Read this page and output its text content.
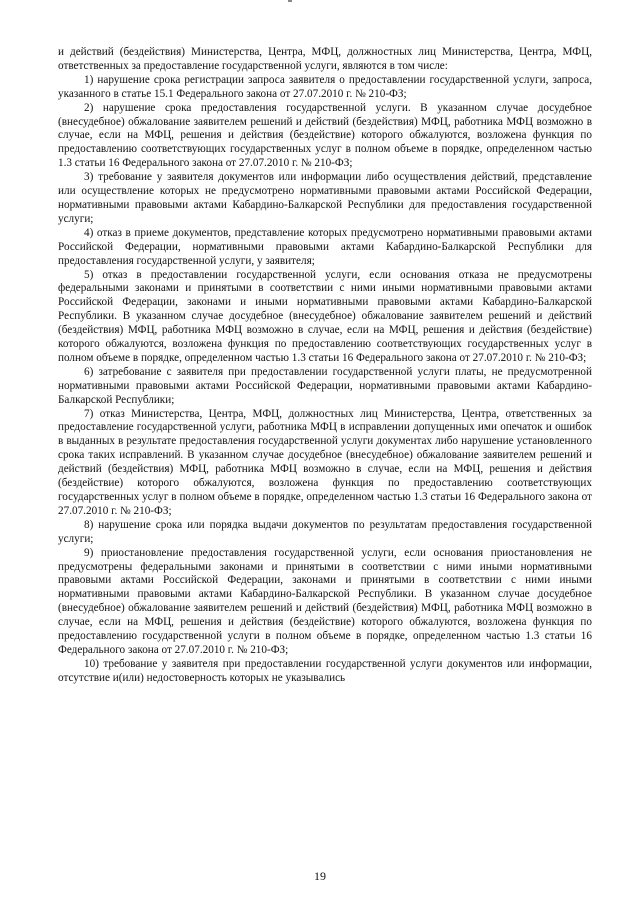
и действий (бездействия) Министерства, Центра, МФЦ, должностных лиц Министерства, Центра, МФЦ, ответственных за предоставление государственной услуги, являются в том числе:

1) нарушение срока регистрации запроса заявителя о предоставлении государственной услуги, запроса, указанного в статье 15.1 Федерального закона от 27.07.2010 г. № 210-ФЗ;

2) нарушение срока предоставления государственной услуги. В указанном случае досудебное (внесудебное) обжалование заявителем решений и действий (бездействия) МФЦ, работника МФЦ возможно в случае, если на МФЦ, решения и действия (бездействие) которого обжалуются, возложена функция по предоставлению соответствующих государственных услуг в полном объеме в порядке, определенном частью 1.3 статьи 16 Федерального закона от 27.07.2010 г. № 210-ФЗ;

3) требование у заявителя документов или информации либо осуществления действий, представление или осуществление которых не предусмотрено нормативными правовыми актами Российской Федерации, нормативными правовыми актами Кабардино-Балкарской Республики для предоставления государственной услуги;

4) отказ в приеме документов, представление которых предусмотрено нормативными правовыми актами Российской Федерации, нормативными правовыми актами Кабардино-Балкарской Республики для предоставления государственной услуги, у заявителя;

5) отказ в предоставлении государственной услуги, если основания отказа не предусмотрены федеральными законами и принятыми в соответствии с ними иными нормативными правовыми актами Российской Федерации, законами и иными нормативными правовыми актами Кабардино-Балкарской Республики. В указанном случае досудебное (внесудебное) обжалование заявителем решений и действий (бездействия) МФЦ, работника МФЦ возможно в случае, если на МФЦ, решения и действия (бездействие) которого обжалуются, возложена функция по предоставлению соответствующих государственных услуг в полном объеме в порядке, определенном частью 1.3 статьи 16 Федерального закона от 27.07.2010 г. № 210-ФЗ;

6) затребование с заявителя при предоставлении государственной услуги платы, не предусмотренной нормативными правовыми актами Российской Федерации, нормативными правовыми актами Кабардино-Балкарской Республики;

7) отказ Министерства, Центра, МФЦ, должностных лиц Министерства, Центра, ответственных за предоставление государственной услуги, работника МФЦ в исправлении допущенных ими опечаток и ошибок в выданных в результате предоставления государственной услуги документах либо нарушение установленного срока таких исправлений. В указанном случае досудебное (внесудебное) обжалование заявителем решений и действий (бездействия) МФЦ, работника МФЦ возможно в случае, если на МФЦ, решения и действия (бездействие) которого обжалуются, возложена функция по предоставлению соответствующих государственных услуг в полном объеме в порядке, определенном частью 1.3 статьи 16 Федерального закона от 27.07.2010 г. № 210-ФЗ;

8) нарушение срока или порядка выдачи документов по результатам предоставления государственной услуги;

9) приостановление предоставления государственной услуги, если основания приостановления не предусмотрены федеральными законами и принятыми в соответствии с ними иными нормативными правовыми актами Российской Федерации, законами и принятыми в соответствии с ними иными нормативными правовыми актами Кабардино-Балкарской Республики. В указанном случае досудебное (внесудебное) обжалование заявителем решений и действий (бездействия) МФЦ, работника МФЦ возможно в случае, если на МФЦ, решения и действия (бездействие) которого обжалуются, возложена функция по предоставлению государственной услуги в полном объеме в порядке, определенном частью 1.3 статьи 16 Федерального закона от 27.07.2010 г. № 210-ФЗ;

10) требование у заявителя при предоставлении государственной услуги документов или информации, отсутствие и(или) недостоверность которых не указывались

19
